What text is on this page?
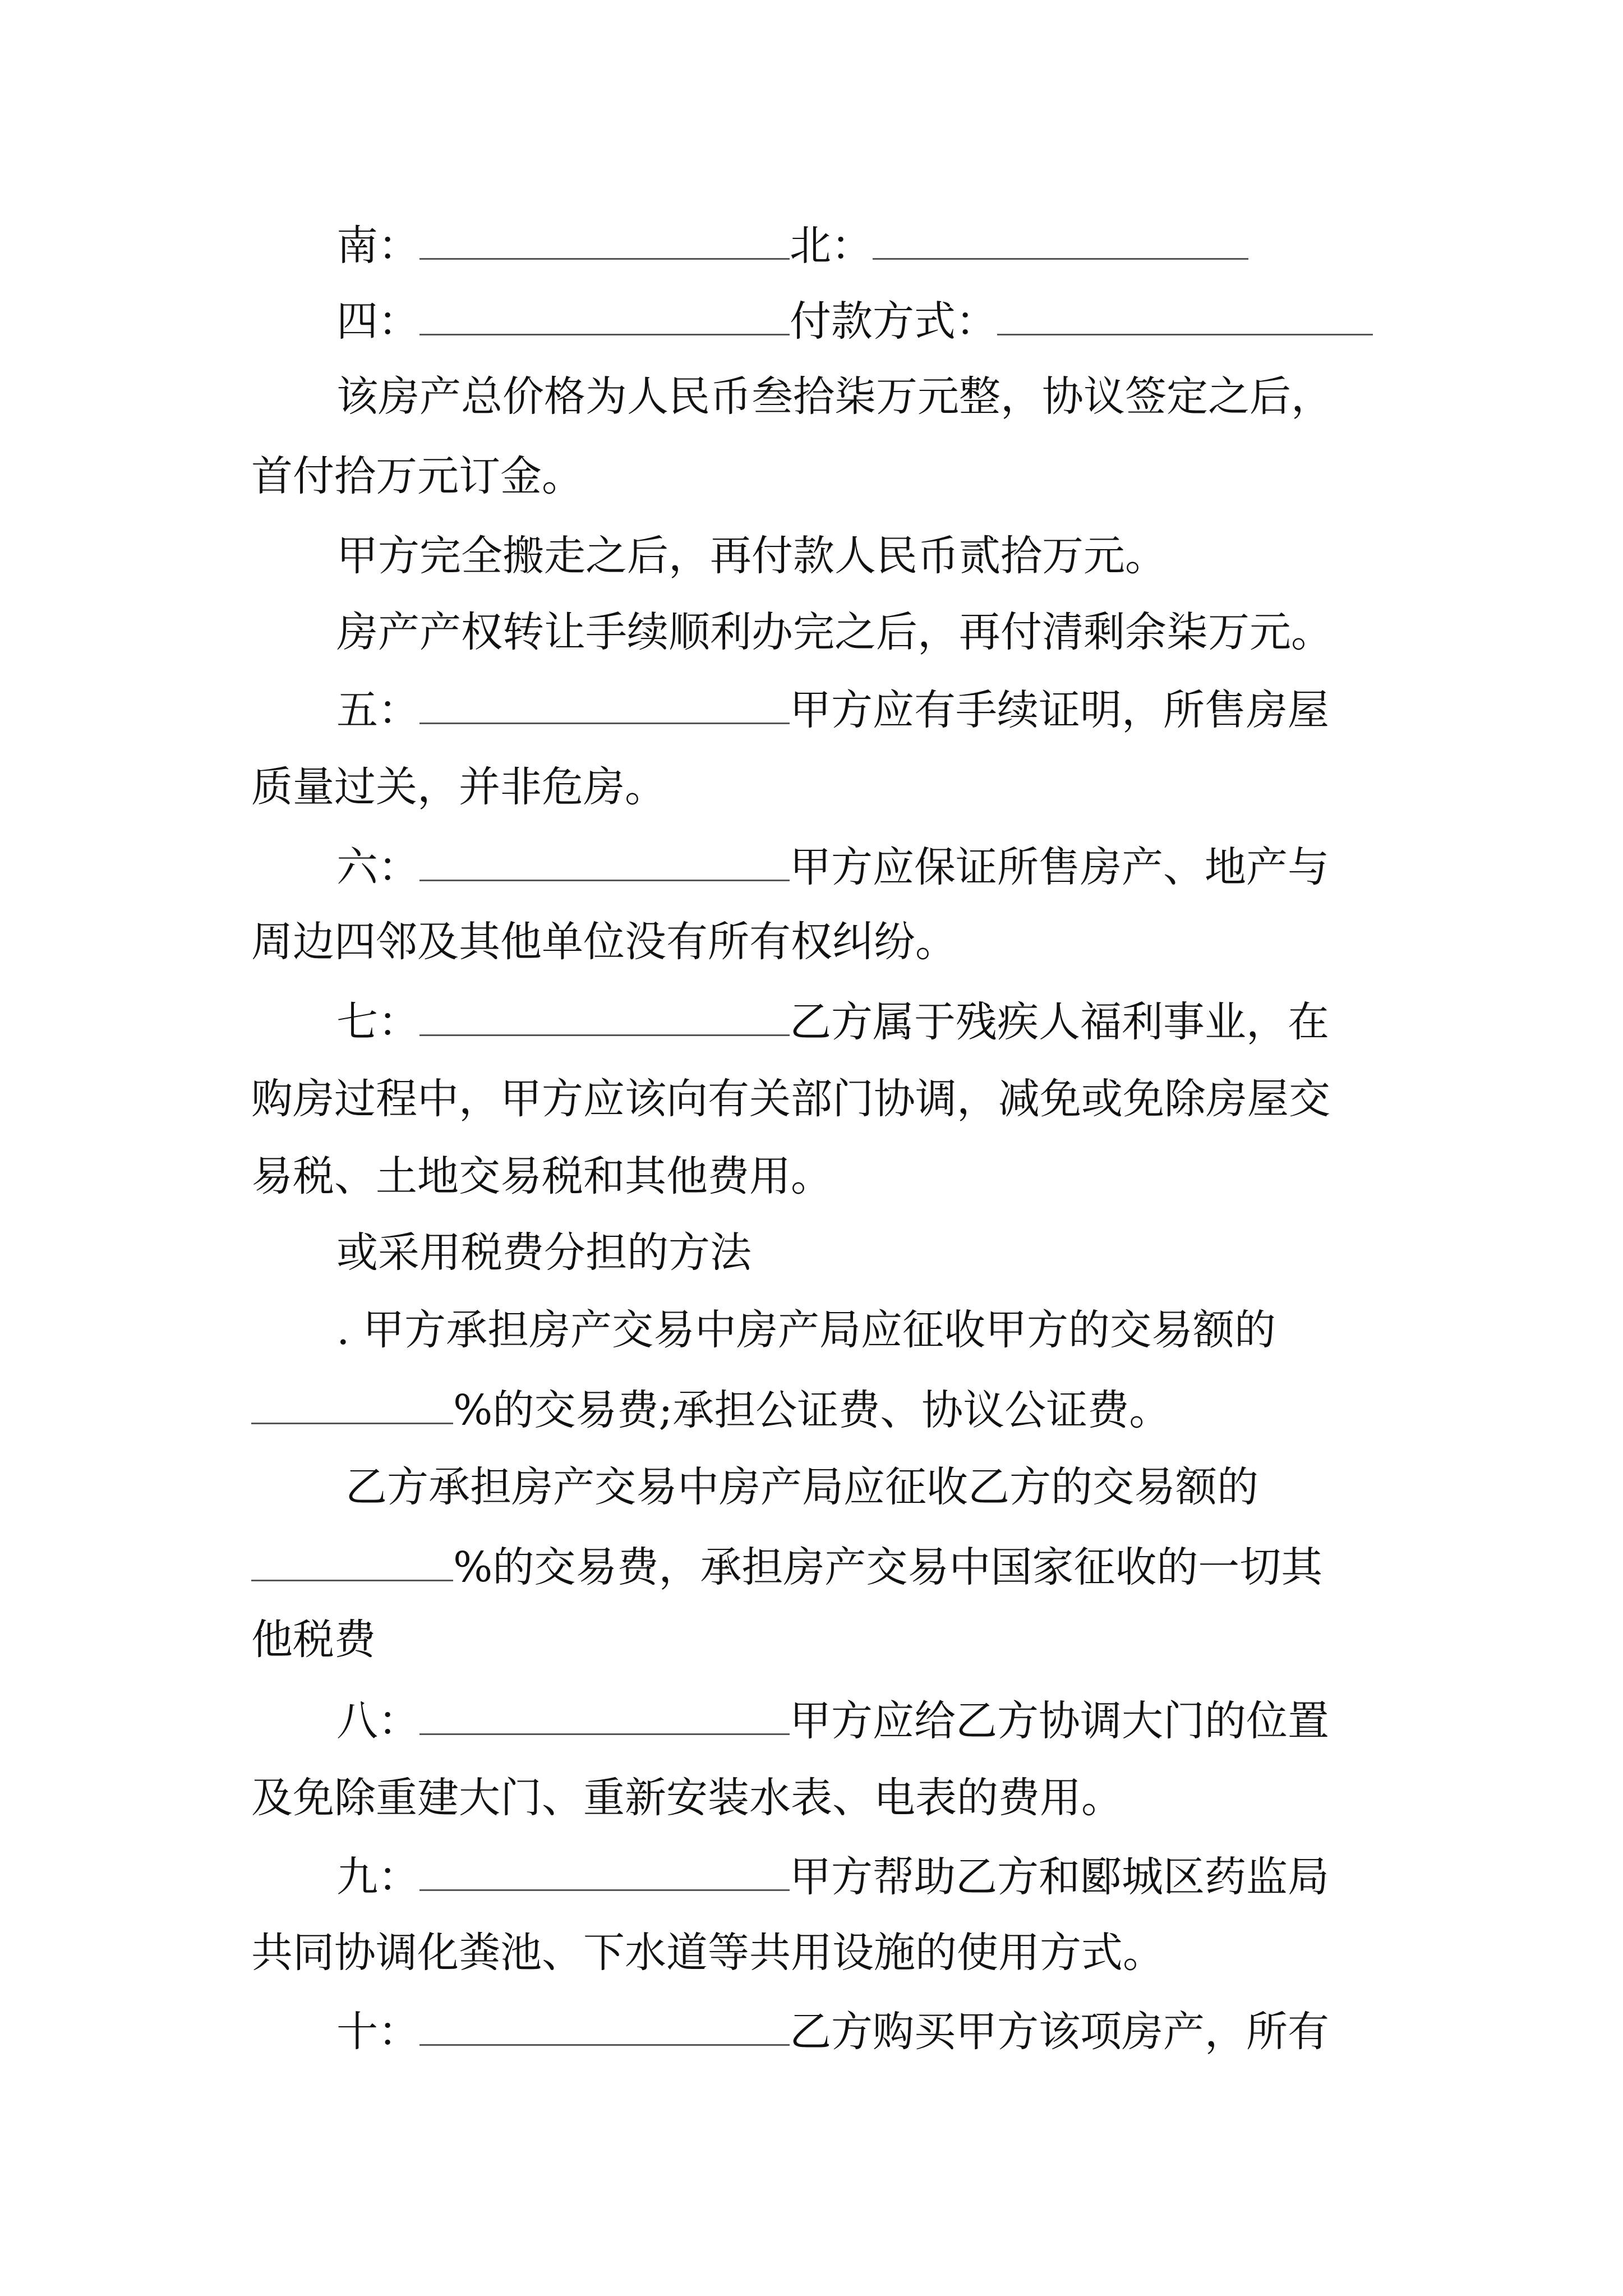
南：	北：
四：	付款方式：
该房产总价格为人民币叁拾柒万元整，协议签定之后，
首付拾万元订金。
甲方完全搬走之后，再付款人民币贰拾万元。
房产产权转让手续顺利办完之后，再付清剩余柒万元。
五：	甲方应有手续证明，所售房屋
质量过关，并非危房。
六：	甲方应保证所售房产、地产与
周边四邻及其他单位没有所有权纠纷。
七：	乙方属于残疾人福利事业，在
购房过程中，甲方应该向有关部门协调，减免或免除房屋交
易税、土地交易税和其他费用。
或采用税费分担的方法
. 甲方承担房产交易中房产局应征收甲方的交易额的
%的交易费;承担公证费、协议公证费。
乙方承担房产交易中房产局应征收乙方的交易额的
%的交易费，承担房产交易中国家征收的一切其
他税费
八：	甲方应给乙方协调大门的位置
及免除重建大门、重新安装水表、电表的费用。
九：	甲方帮助乙方和郾城区药监局
共同协调化粪池、下水道等共用设施的使用方式。
十：	乙方购买甲方该项房产，所有
